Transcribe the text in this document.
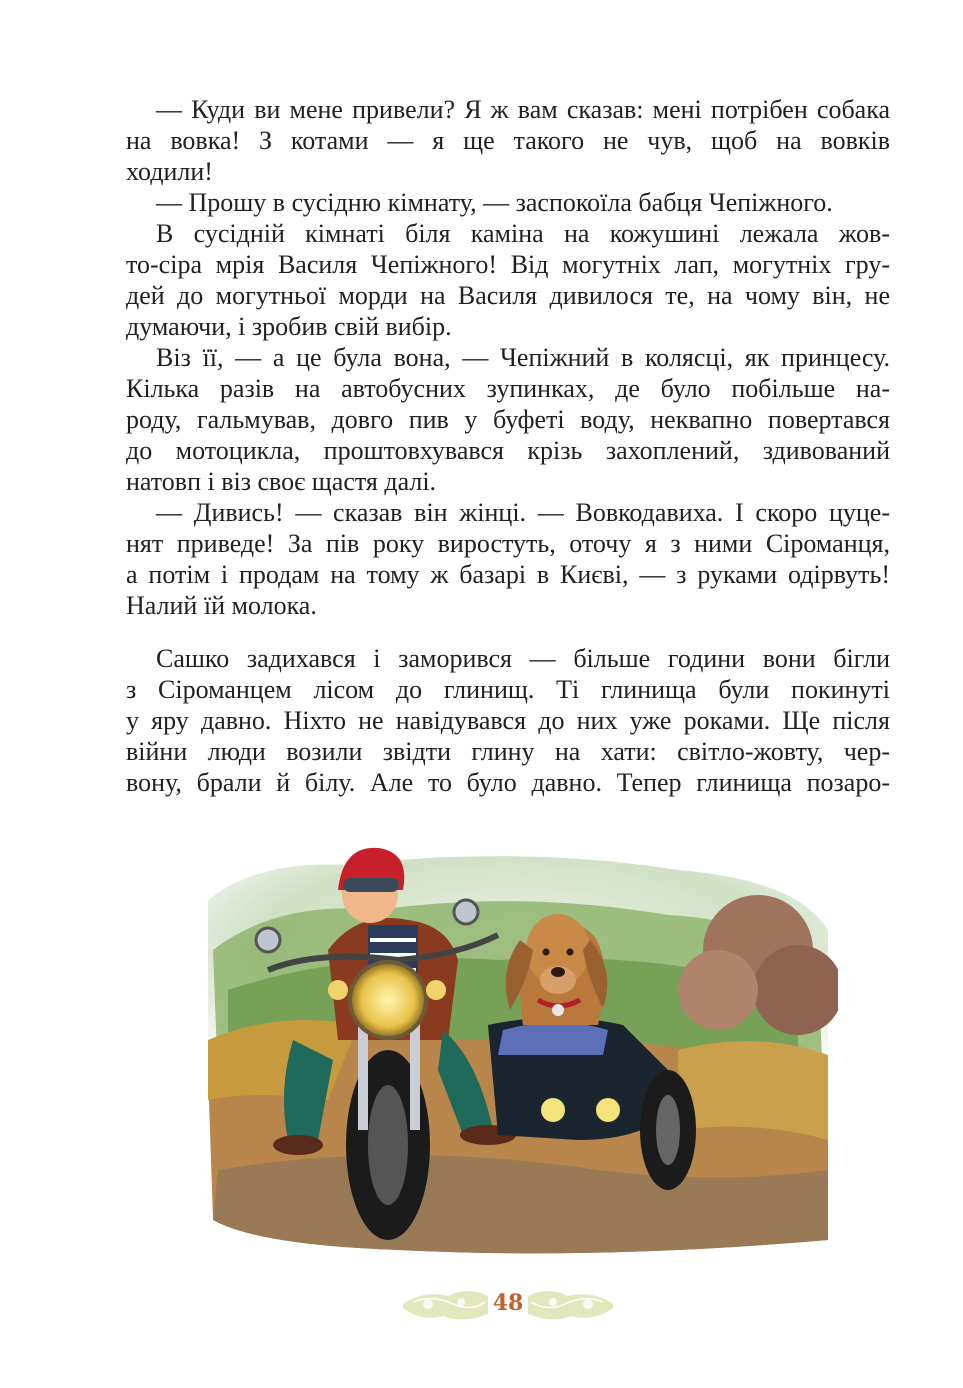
— Куди ви мене привели? Я ж вам сказав: мені потрібен собака на вовка! З котами — я ще такого не чув, щоб на вовків

ходили!

— Прошу в сусідню кімнату, — заспокоїла бабця Чепіжного.

В сусідній кімнаті біля каміна на кожушині лежала жов-

то-сіра мрія Василя Чепіжного! Від могутніх лап, могутніх гру-

дей до могутньої морди на Василя дивилося те, на чому він, не

думаючи, і зробив свій вибір.

Віз її, — а це була вона, — Чепіжний в колясці, як принцесу.

Кілька разів на автобусних зупинках, де було побільше на-

роду, гальмував, довго пив у буфеті воду, неквапно повертався

до мотоцикла, проштовхувався крізь захоплений, здивований

натовп і віз своє щастя далі.

— Дивись! — сказав він жінці. — Вовкодавиха. І скоро цуце-

нят приведе! За пів року виростуть, оточу я з ними Сіроманця,

а потім і продам на тому ж базарі в Києві, — з руками одірвуть!

Налий їй молока.

Сашко задихався і заморився — більше години вони бігли

з Сіроманцем лісом до глинищ. Ті глинища були покинуті

у яру давно. Ніхто не навідувався до них уже роками. Ще після

війни люди возили звідти глину на хати: світло-жовту, чер-

вону, брали й білу. Але то було давно. Тепер глинища позаро-

48
